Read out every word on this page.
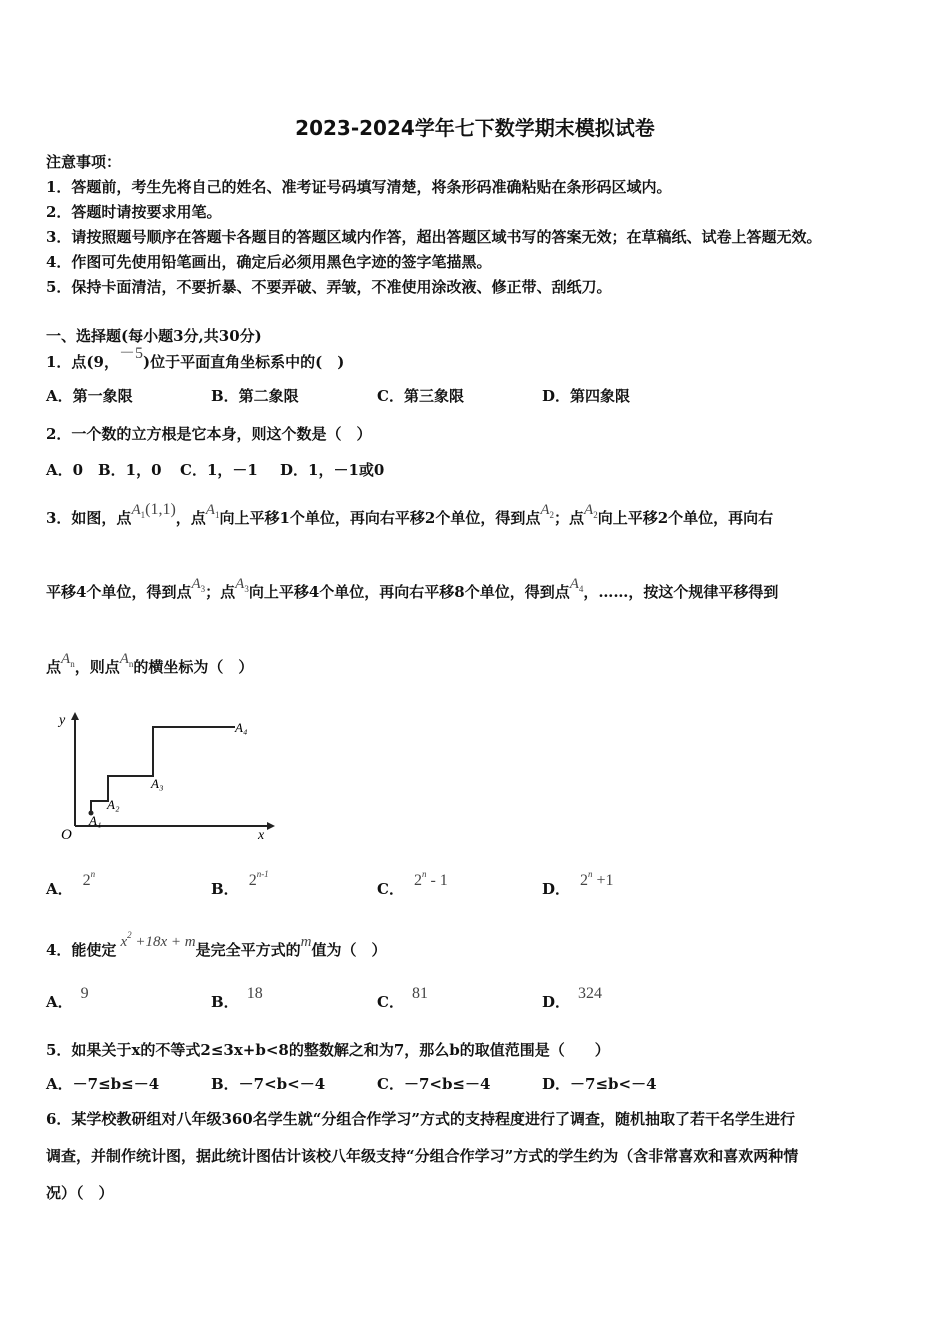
2023-2024学年七下数学期末模拟试卷
注意事项：
1．答题前，考生先将自己的姓名、准考证号码填写清楚，将条形码准确粘贴在条形码区域内。
2．答题时请按要求用笔。
3．请按照题号顺序在答题卡各题目的答题区域内作答，超出答题区域书写的答案无效；在草稿纸、试卷上答题无效。
4．作图可先使用铅笔画出，确定后必须用黑色字迹的签字笔描黑。
5．保持卡面清洁，不要折暴、不要弄破、弄皱，不准使用涂改液、修正带、刮纸刀。
一、选择题(每小题3分,共30分)
1．点(9，－5)位于平面直角坐标系中的(　)
A．第一象限	B．第二象限	C．第三象限	D．第四象限
2．一个数的立方根是它本身，则这个数是（　）
A．0 B．1，0 C．1，－1 D．1，－1或0
3．如图，点$A_1(1,1)$，点$A_1$向上平移1个单位，再向右平移2个单位，得到点$A_2$；点$A_2$向上平移2个单位，再向右
平移4个单位，得到点$A_3$；点$A_3$向上平移4个单位，再向右平移8个单位，得到点$A_4$，……，按这个规律平移得到
点$A_n$，则点$A_n$的横坐标为（　）
y
x
O
A₁
A₂
A₃
A₄
A． 2$^n$
B． 2$^{n-1}$
C． 2$^n$ - 1	D． $2^n +1$
4．能使定 $x^2 +18x + m$是完全平方式的m值为（　）
A． 9	B． 18	C． 81	D． 324
5．如果关于x的不等式2≤3x+b<8的整数解之和为7，那么b的取值范围是（　　）
A．－7≤b≤－4	B．－7<b<－4	C．－7<b≤－4	D．－7≤b<－4
6．某学校教研组对八年级360名学生就“分组合作学习”方式的支持程度进行了调查，随机抽取了若干名学生进行
调查，并制作统计图，据此统计图估计该校八年级支持“分组合作学习”方式的学生约为（含非常喜欢和喜欢两种情
况）（　）
